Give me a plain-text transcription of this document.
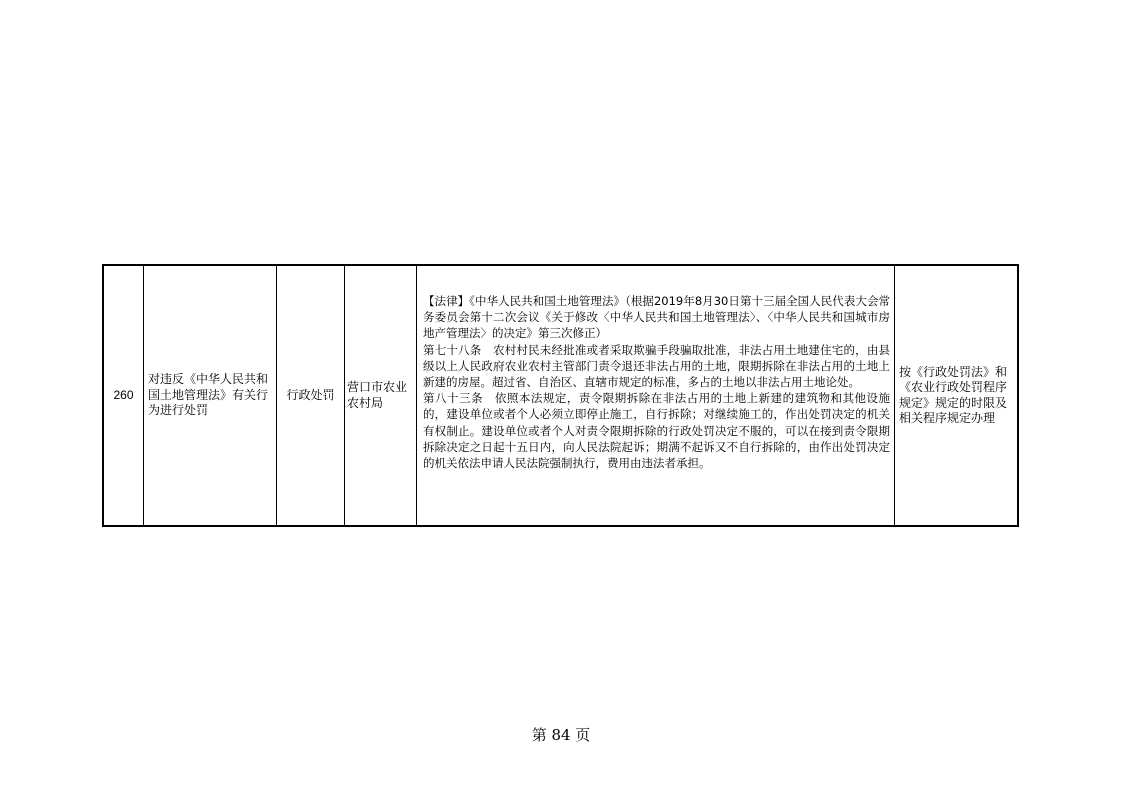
260
对违反《中华人民共和国土地管理法》有关行为进行处罚
行政处罚
营口市农业农村局

【法律】《中华人民共和国土地管理法》（根据2019年8月30日第十三届全国人民代表大会常务委员会第十二次会议《关于修改〈中华人民共和国土地管理法〉、〈中华人民共和国城市房地产管理法〉的决定》第三次修正）

第七十八条　农村村民未经批准或者采取欺骗手段骗取批准，非法占用土地建住宅的，由县级以上人民政府农业农村主管部门责令退还非法占用的土地，限期拆除在非法占用的土地上新建的房屋。超过省、自治区、直辖市规定的标准，多占的土地以非法占用土地论处。

第八十三条　依照本法规定，责令限期拆除在非法占用的土地上新建的建筑物和其他设施的，建设单位或者个人必须立即停止施工，自行拆除；对继续施工的，作出处罚决定的机关有权制止。建设单位或者个人对责令限期拆除的行政处罚决定不服的，可以在接到责令限期拆除决定之日起十五日内，向人民法院起诉；期满不起诉又不自行拆除的，由作出处罚决定的机关依法申请人民法院强制执行，费用由违法者承担。

按《行政处罚法》和《农业行政处罚程序规定》规定的时限及相关程序规定办理
第 84 页
